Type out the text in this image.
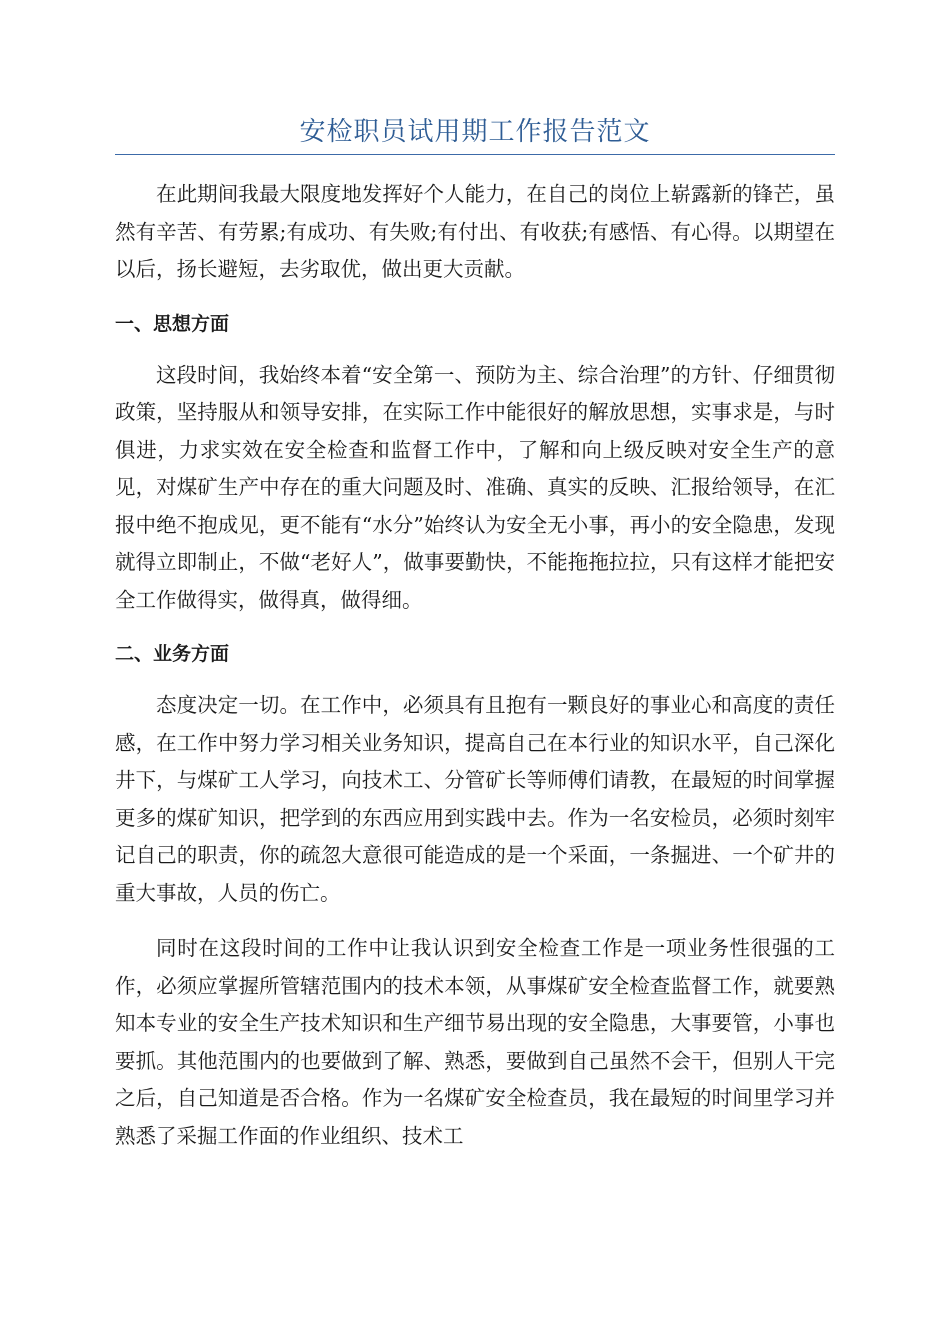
安检职员试用期工作报告范文

在此期间我最大限度地发挥好个人能力，在自己的岗位上崭露新的锋芒，虽然有辛苦、有劳累;有成功、有失败;有付出、有收获;有感悟、有心得。以期望在以后，扬长避短，去劣取优，做出更大贡献。

一、思想方面

这段时间，我始终本着“安全第一、预防为主、综合治理”的方针、仔细贯彻政策，坚持服从和领导安排，在实际工作中能很好的解放思想，实事求是，与时俱进，力求实效在安全检查和监督工作中，了解和向上级反映对安全生产的意见，对煤矿生产中存在的重大问题及时、准确、真实的反映、汇报给领导，在汇报中绝不抱成见，更不能有“水分”始终认为安全无小事，再小的安全隐患，发现就得立即制止，不做“老好人”，做事要勤快，不能拖拖拉拉，只有这样才能把安全工作做得实，做得真，做得细。

二、业务方面

态度决定一切。在工作中，必须具有且抱有一颗良好的事业心和高度的责任感，在工作中努力学习相关业务知识，提高自己在本行业的知识水平，自己深化井下，与煤矿工人学习，向技术工、分管矿长等师傅们请教，在最短的时间掌握更多的煤矿知识，把学到的东西应用到实践中去。作为一名安检员，必须时刻牢记自己的职责，你的疏忽大意很可能造成的是一个采面，一条掘进、一个矿井的重大事故，人员的伤亡。

同时在这段时间的工作中让我认识到安全检查工作是一项业务性很强的工作，必须应掌握所管辖范围内的技术本领，从事煤矿安全检查监督工作，就要熟知本专业的安全生产技术知识和生产细节易出现的安全隐患，大事要管，小事也要抓。其他范围内的也要做到了解、熟悉，要做到自己虽然不会干，但别人干完之后，自己知道是否合格。作为一名煤矿安全检查员，我在最短的时间里学习并熟悉了采掘工作面的作业组织、技术工
